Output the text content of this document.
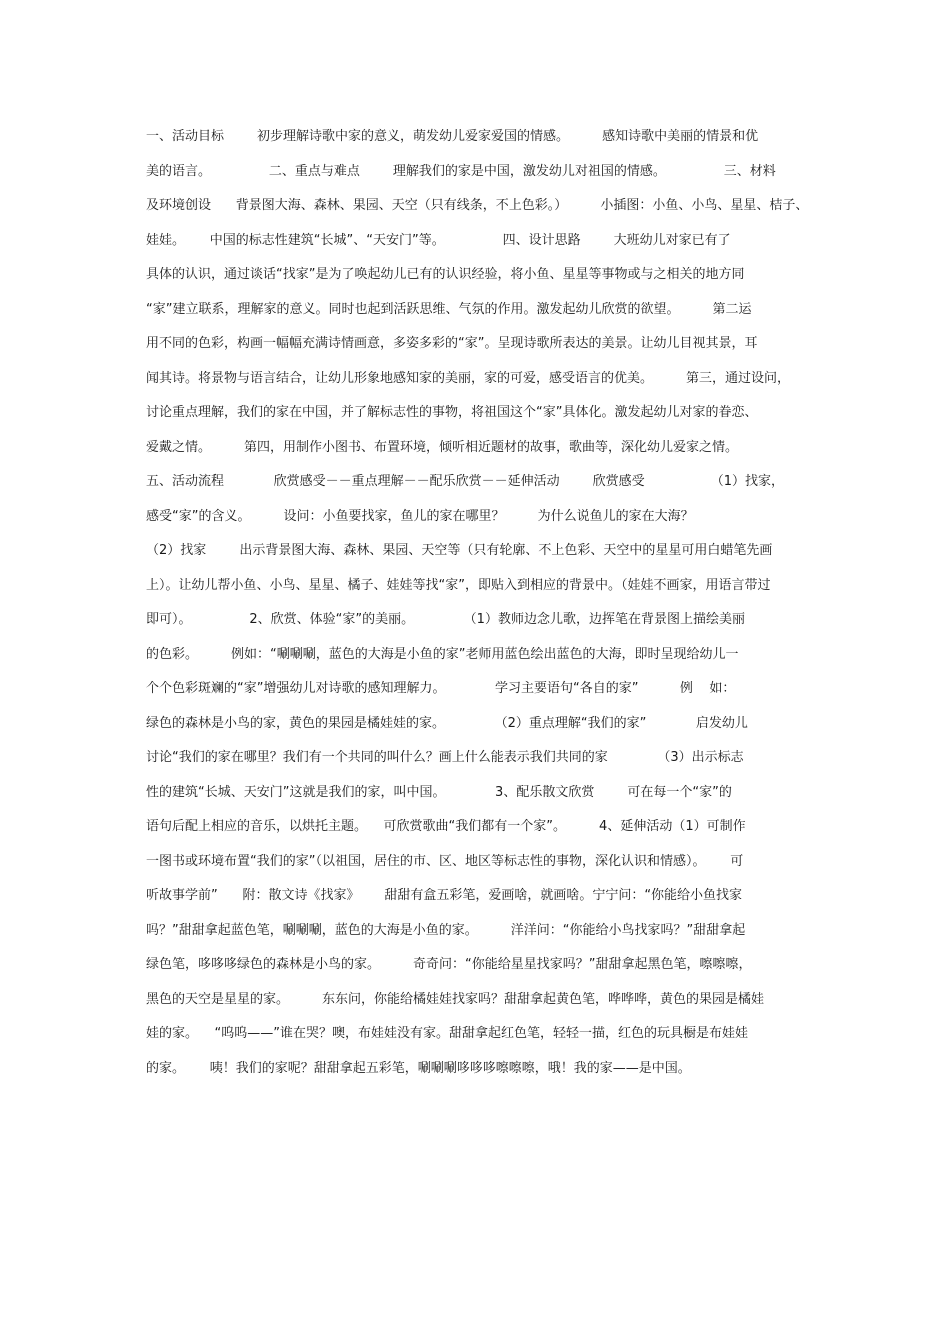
一、活动目标        初步理解诗歌中家的意义，萌发幼儿爱家爱国的情感。        感知诗歌中美丽的情景和优
美的语言。              二、重点与难点        理解我们的家是中国，激发幼儿对祖国的情感。              三、材料
及环境创设      背景图大海、森林、果园、天空（只有线条，不上色彩。）        小插图：小鱼、小鸟、星星、桔子、
娃娃。      中国的标志性建筑“长城”、“天安门”等。              四、设计思路        大班幼儿对家已有了
具体的认识，通过谈话“找家”是为了唤起幼儿已有的认识经验，将小鱼、星星等事物或与之相关的地方同
“家”建立联系，理解家的意义。同时也起到活跃思维、气氛的作用。激发起幼儿欣赏的欲望。        第二运
用不同的色彩，构画一幅幅充满诗情画意，多姿多彩的“家”。呈现诗歌所表达的美景。让幼儿目视其景，耳
闻其诗。将景物与语言结合，让幼儿形象地感知家的美丽，家的可爱，感受语言的优美。        第三，通过设问，
讨论重点理解，我们的家在中国，并了解标志性的事物，将祖国这个“家”具体化。激发起幼儿对家的眷恋、
爱戴之情。        第四，用制作小图书、布置环境，倾听相近题材的故事，歌曲等，深化幼儿爱家之情。
五、活动流程            欣赏感受－－重点理解－－配乐欣赏－－延伸活动        欣赏感受                （1）找家，
感受“家”的含义。        设问：小鱼要找家，鱼儿的家在哪里？        为什么说鱼儿的家在大海？
（2）找家        出示背景图大海、森林、果园、天空等（只有轮廓、不上色彩、天空中的星星可用白蜡笔先画
上）。让幼儿帮小鱼、小鸟、星星、橘子、娃娃等找“家”，即贴入到相应的背景中。（娃娃不画家，用语言带过
即可）。              2、欣赏、体验“家”的美丽。            （1）教师边念儿歌，边挥笔在背景图上描绘美丽
的色彩。        例如：“唰唰唰，蓝色的大海是小鱼的家”老师用蓝色绘出蓝色的大海，即时呈现给幼儿一
个个色彩斑斓的“家”增强幼儿对诗歌的感知理解力。            学习主要语句“各自的家”          例    如：
绿色的森林是小鸟的家，黄色的果园是橘娃娃的家。            （2）重点理解“我们的家”            启发幼儿
讨论“我们的家在哪里？我们有一个共同的叫什么？画上什么能表示我们共同的家            （3）出示标志
性的建筑“长城、天安门”这就是我们的家，叫中国。            3、配乐散文欣赏        可在每一个“家”的
语句后配上相应的音乐，以烘托主题。    可欣赏歌曲“我们都有一个家”。        4、延伸活动（1）可制作
一图书或环境布置“我们的家”（以祖国，居住的市、区、地区等标志性的事物，深化认识和情感）。      可
听故事学前”      附：散文诗《找家》      甜甜有盒五彩笔，爱画啥，就画啥。宁宁问：“你能给小鱼找家
吗？”甜甜拿起蓝色笔，唰唰唰，蓝色的大海是小鱼的家。        洋洋问：“你能给小鸟找家吗？”甜甜拿起
绿色笔，哆哆哆绿色的森林是小鸟的家。        奇奇问：“你能给星星找家吗？”甜甜拿起黑色笔，嚓嚓嚓，
黑色的天空是星星的家。        东东问，你能给橘娃娃找家吗？甜甜拿起黄色笔，哗哗哗，黄色的果园是橘娃
娃的家。    “呜呜——”谁在哭？噢，布娃娃没有家。甜甜拿起红色笔，轻轻一描，红色的玩具橱是布娃娃
的家。      咦！我们的家呢？甜甜拿起五彩笔，唰唰唰哆哆哆嚓嚓嚓，哦！我的家——是中国。
